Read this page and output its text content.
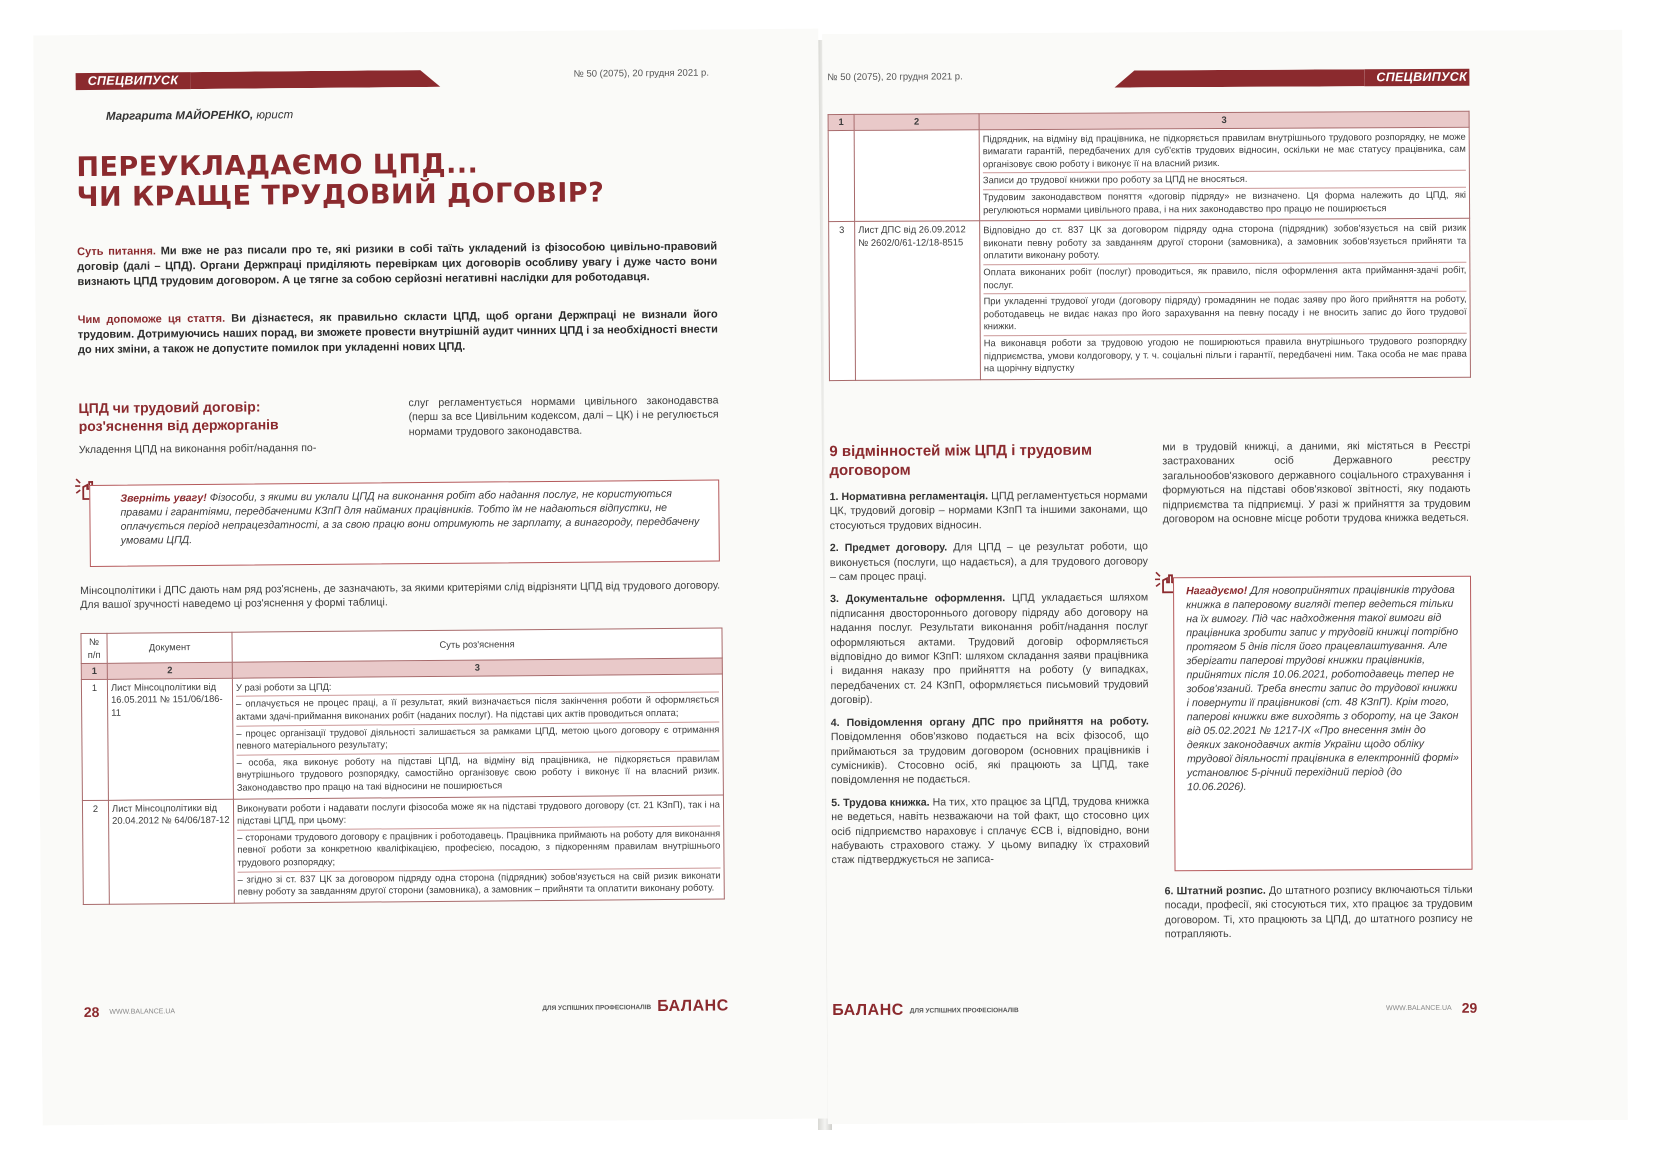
СПЕЦВИПУСК	№ 50 (2075), 20 грудня 2021 р.
Маргарита МАЙОРЕНКО, юрист
ПЕРЕУКЛАДАЄМО ЦПД...
ЧИ КРАЩЕ ТРУДОВИЙ ДОГОВІР?
Суть питання. Ми вже не раз писали про те, які ризики в собі таїть укладений із фізособою цивільно-правовий договір (далі – ЦПД). Органи Держпраці приділяють перевіркам цих договорів особливу увагу і дуже часто вони визнають ЦПД трудовим договором. А це тягне за собою серйозні негативні наслідки для роботодавця.
Чим допоможе ця стаття. Ви дізнаєтеся, як правильно скласти ЦПД, щоб органи Держпраці не визнали його трудовим. Дотримуючись наших порад, ви зможете провести внутрішній аудит чинних ЦПД і за необхідності внести до них зміни, а також не допустите помилок при укладенні нових ЦПД.
ЦПД чи трудовий договір: роз'яснення від держорганів
Укладення ЦПД на виконання робіт/надання по-
слуг регламентується нормами цивільного законодавства (перш за все Цивільним кодексом, далі – ЦК) і не регулюється нормами трудового законодавства.
Зверніть увагу! Фізособи, з якими ви уклали ЦПД на виконання робіт або надання послуг, не користуються правами і гарантіями, передбаченими КЗпП для найманих працівників. Тобто їм не надаються відпустки, не оплачується період непрацездатності, а за свою працю вони отримують не зарплату, а винагороду, передбачену умовами ЦПД.
Мінсоцполітики і ДПС дають нам ряд роз'яснень, де зазначають, за якими критеріями слід відрізняти ЦПД від трудового договору. Для вашої зручності наведемо ці роз'яснення у формі таблиці.
№ п/п	Документ	Суть роз'яснення
1	2	3
1	Лист Мінсоцполітики від 16.05.2011 № 151/06/186-11	У разі роботи за ЦПД:

– оплачується не процес праці, а її результат, який визначається після закінчення роботи й оформляється актами здачі-приймання виконаних робіт (наданих послуг). На підставі цих актів проводиться оплата;

– процес організації трудової діяльності залишається за рамками ЦПД, метою цього договору є отримання певного матеріального результату;

– особа, яка виконує роботу на підставі ЦПД, на відміну від працівника, не підкоряється правилам внутрішнього трудового розпорядку, самостійно організовує свою роботу і виконує її на власний ризик. Законодавство про працю на такі відносини не поширюється

2	Лист Мінсоцполітики від 20.04.2012 № 64/06/187-12	Виконувати роботи і надавати послуги фізособа може як на підставі трудового договору (ст. 21 КЗпП), так і на підставі ЦПД, при цьому:

– сторонами трудового договору є працівник і роботодавець. Працівника приймають на роботу для виконання певної роботи за конкретною кваліфікацією, професією, посадою, з підкоренням правилам внутрішнього трудового розпорядку;

– згідно зі ст. 837 ЦК за договором підряду одна сторона (підрядник) зобов'язується на свій ризик виконати певну роботу за завданням другої сторони (замовника), а замовник – прийняти та оплатити виконану роботу.

28 WWW.BALANCE.UA	ДЛЯ УСПІШНИХ ПРОФЕСІОНАЛІВ БАЛАНС
№ 50 (2075), 20 грудня 2021 р.	СПЕЦВИПУСК
1	2	3

		Підрядник, на відміну від працівника, не підкоряється правилам внутрішнього трудового розпорядку, не може вимагати гарантій, передбачених для суб'єктів трудових відносин, оскільки не має статусу працівника, сам організовує свою роботу і виконує її на власний ризик.

Записи до трудової книжки про роботу за ЦПД не вносяться.

Трудовим законодавством поняття «договір підряду» не визначено. Ця форма належить до ЦПД, які регулюються нормами цивільного права, і на них законодавство про працю не поширюється

3	Лист ДПС від 26.09.2012 № 2602/0/61-12/18-8515	Відповідно до ст. 837 ЦК за договором підряду одна сторона (підрядник) зобов'язується на свій ризик виконати певну роботу за завданням другої сторони (замовника), а замовник зобов'язується прийняти та оплатити виконану роботу.

Оплата виконаних робіт (послуг) проводиться, як правило, після оформлення акта приймання-здачі робіт, послуг.

При укладенні трудової угоди (договору підряду) громадянин не подає заяву про його прийняття на роботу, роботодавець не видає наказ про його зарахування на певну посаду і не вносить запис до його трудової книжки.

На виконавця роботи за трудовою угодою не поширюються правила внутрішнього трудового розпорядку підприємства, умови колдоговору, у т. ч. соціальні пільги і гарантії, передбачені ним. Така особа не має права на щорічну відпустку

9 відмінностей між ЦПД і трудовим договором

1. Нормативна регламентація. ЦПД регламентується нормами ЦК, трудовий договір – нормами КЗпП та іншими законами, що стосуються трудових відносин.

2. Предмет договору. Для ЦПД – це результат роботи, що виконується (послуги, що надається), а для трудового договору – сам процес праці.

3. Документальне оформлення. ЦПД укладається шляхом підписання двостороннього договору підряду або договору на надання послуг. Результати виконання робіт/надання послуг оформляються актами. Трудовий договір оформляється відповідно до вимог КЗпП: шляхом складання заяви працівника і видання наказу про прийняття на роботу (у випадках, передбачених ст. 24 КЗпП, оформляється письмовий трудовий договір).

4. Повідомлення органу ДПС про прийняття на роботу. Повідомлення обов'язково подається на всіх фізособ, що приймаються за трудовим договором (основних працівників і сумісників). Стосовно осіб, які працюють за ЦПД, таке повідомлення не подається.

5. Трудова книжка. На тих, хто працює за ЦПД, трудова книжка не ведеться, навіть незважаючи на той факт, що стосовно цих осіб підприємство нараховує і сплачує ЄСВ і, відповідно, вони набувають страхового стажу. У цьому випадку їх страховий стаж підтверджується не записа-

ми в трудовій книжці, а даними, які містяться в Реєстрі застрахованих осіб Державного реєстру загальнообов'язкового державного соціального страхування і формуються на підставі обов'язкової звітності, яку подають підприємства та підприємці. У разі ж прийняття за трудовим договором на основне місце роботи трудова книжка ведеться.
Нагадуємо! Для новоприйнятих працівників трудова книжка в паперовому вигляді тепер ведеться тільки на їх вимогу. Під час надходження такої вимоги від працівника зробити запис у трудовій книжці потрібно протягом 5 днів після його працевлаштування. Але зберігати паперові трудові книжки працівників, прийнятих після 10.06.2021, роботодавець тепер не зобов'язаний. Треба внести запис до трудової книжки і повернути її працівникові (ст. 48 КЗпП). Крім того, паперові книжки вже виходять з обороту, на це Закон від 05.02.2021 № 1217-IX «Про внесення змін до деяких законодавчих актів України щодо обліку трудової діяльності працівника в електронній формі» установлює 5-річний перехідний період (до 10.06.2026).
6. Штатний розпис. До штатного розпису включаються тільки посади, професії, які стосуються тих, хто працює за трудовим договором. Ті, хто працюють за ЦПД, до штатного розпису не потрапляють.
БАЛАНС ДЛЯ УСПІШНИХ ПРОФЕСІОНАЛІВ	WWW.BALANCE.UA 29
